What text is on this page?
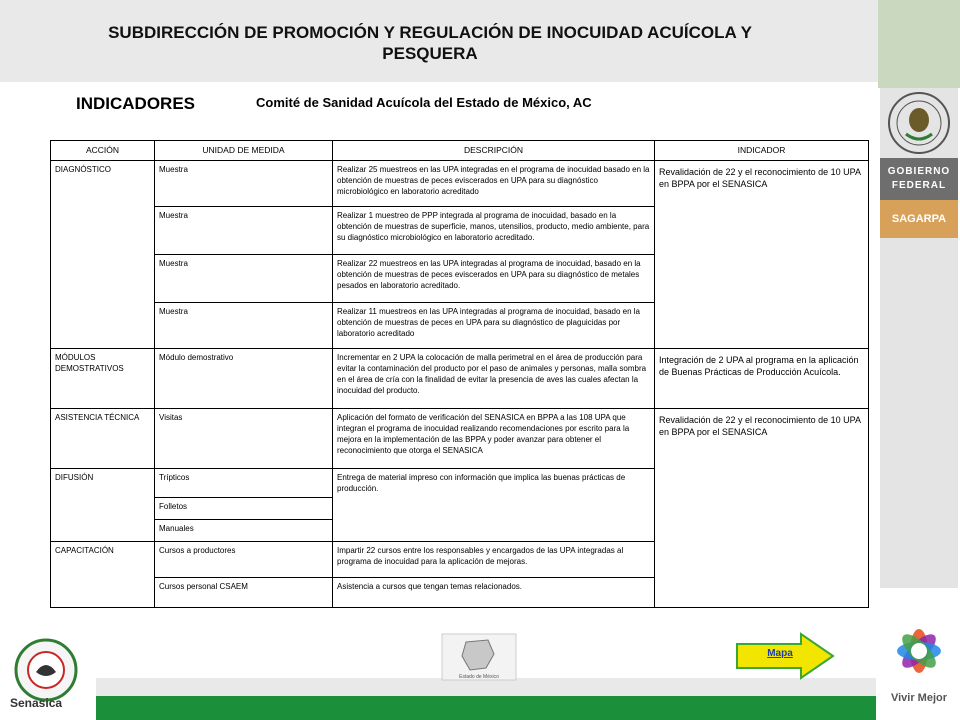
SUBDIRECCIÓN DE PROMOCIÓN Y REGULACIÓN DE INOCUIDAD ACUÍCOLA Y
PESQUERA
INDICADORES	Comité de Sanidad Acuícola del Estado de México, AC
GOBIERNO
FEDERAL
SAGARPA
Vivir Mejor
ACCIÓN	UNIDAD DE MEDIDA	DESCRIPCIÓN	INDICADOR
DIAGNÓSTICO	Muestra	Realizar 25 muestreos en las UPA integradas en el programa de inocuidad basado en la obtención de muestras de peces eviscerados en UPA para su diagnóstico microbiológico en laboratorio acreditado	Revalidación de 22 y el reconocimiento de 10 UPA en BPPA por el SENASICA
	Muestra	Realizar 1 muestreo de PPP integrada al programa de inocuidad, basado en la obtención de muestras de superficie, manos, utensilios, producto, medio ambiente, para su diagnóstico microbiológico en laboratorio acreditado.	
	Muestra	Realizar 22 muestreos en las UPA integradas al programa de inocuidad, basado en la obtención de muestras de peces eviscerados en UPA para su diagnóstico de metales pesados en laboratorio acreditado.	
	Muestra	Realizar 11 muestreos en las UPA integradas al programa de inocuidad, basado en la obtención de muestras de peces en UPA para su diagnóstico de plaguicidas por laboratorio acreditado	
MÓDULOS DEMOSTRATIVOS	Módulo demostrativo	Incrementar en 2 UPA la colocación de malla perimetral en el área de producción para evitar la contaminación del producto por el paso de animales y personas, malla sombra en el área de cría con la finalidad de evitar la presencia de aves las cuales afectan la inocuidad del producto.	Integración de 2 UPA al programa en la aplicación de Buenas Prácticas de Producción Acuícola.
ASISTENCIA TÉCNICA	Visitas	Aplicación del formato de verificación del SENASICA en BPPA a las 108 UPA que integran el programa de inocuidad realizando recomendaciones por escrito para la mejora en la implementación de las BPPA y poder avanzar para obtener el reconocimiento que otorga el SENASICA	Revalidación de 22 y el reconocimiento de 10 UPA en BPPA por el SENASICA
DIFUSIÓN	Trípticos	Entrega de material impreso con información que implica las buenas prácticas de producción.	
	Folletos		
	Manuales		
CAPACITACIÓN	Cursos a productores	Impartir 22 cursos entre los responsables y encargados de las UPA integradas al programa de inocuidad para la aplicación de mejoras.	
	Cursos personal CSAEM	Asistencia a cursos que tengan temas relacionados.	
Senasica
Estado de México
Mapa
